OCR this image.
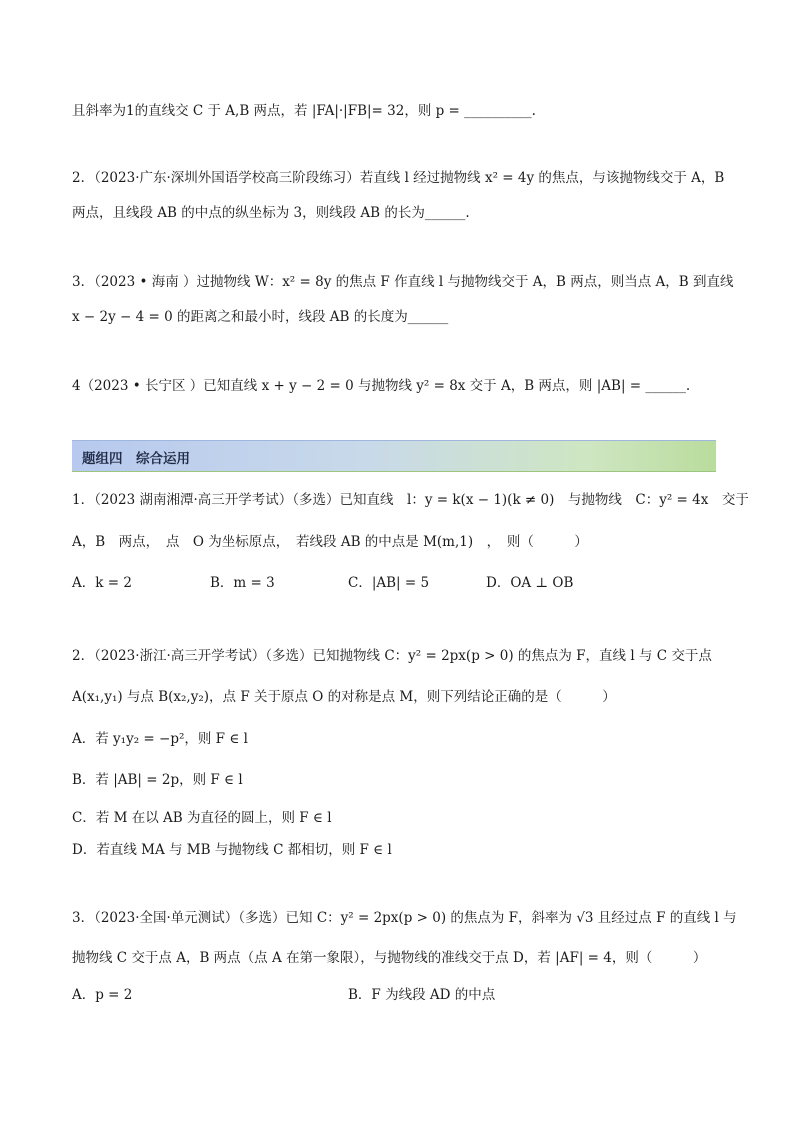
且斜率为1的直线交 C 于 A,B 两点，若 |FA|·|FB|= 32，则 p = __________.
2．（2023·广东·深圳外国语学校高三阶段练习）若直线 l 经过抛物线 x² = 4y 的焦点，与该抛物线交于 A，B
两点，且线段 AB 的中点的纵坐标为 3，则线段 AB 的长为______.
3．（2023 • 海南 ）过抛物线 W：x² = 8y 的焦点 F 作直线 l 与抛物线交于 A，B 两点，则当点 A，B 到直线
x − 2y − 4 = 0 的距离之和最小时，线段 AB 的长度为______
4（2023 • 长宁区 ）已知直线 x + y − 2 = 0 与抛物线 y² = 8x 交于 A，B 两点，则 |AB| = ______.
题组四　综合运用
1．（2023 湖南湘潭·高三开学考试）（多选）已知直线　l：y = k(x − 1)(k ≠ 0)　与抛物线　C：y² = 4x　交于
A，B　两点，　点　O 为坐标原点，　若线段 AB 的中点是 M(m,1)　，　则（　　　）
A．k = 2	B．m = 3	C．|AB| = 5	D．OA ⊥ OB
2．（2023·浙江·高三开学考试）（多选）已知抛物线 C：y² = 2px(p > 0) 的焦点为 F，直线 l 与 C 交于点
A(x₁,y₁) 与点 B(x₂,y₂)，点 F 关于原点 O 的对称是点 M，则下列结论正确的是（　　　）
A．若 y₁y₂ = −p²，则 F ∈ l
B．若 |AB| = 2p，则 F ∈ l
C．若 M 在以 AB 为直径的圆上，则 F ∈ l
D．若直线 MA 与 MB 与抛物线 C 都相切，则 F ∈ l
3．（2023·全国·单元测试）（多选）已知 C：y² = 2px(p > 0) 的焦点为 F，斜率为 √3 且经过点 F 的直线 l 与
抛物线 C 交于点 A，B 两点（点 A 在第一象限），与抛物线的准线交于点 D，若 |AF| = 4，则（　　　）
A．p = 2	B．F 为线段 AD 的中点
